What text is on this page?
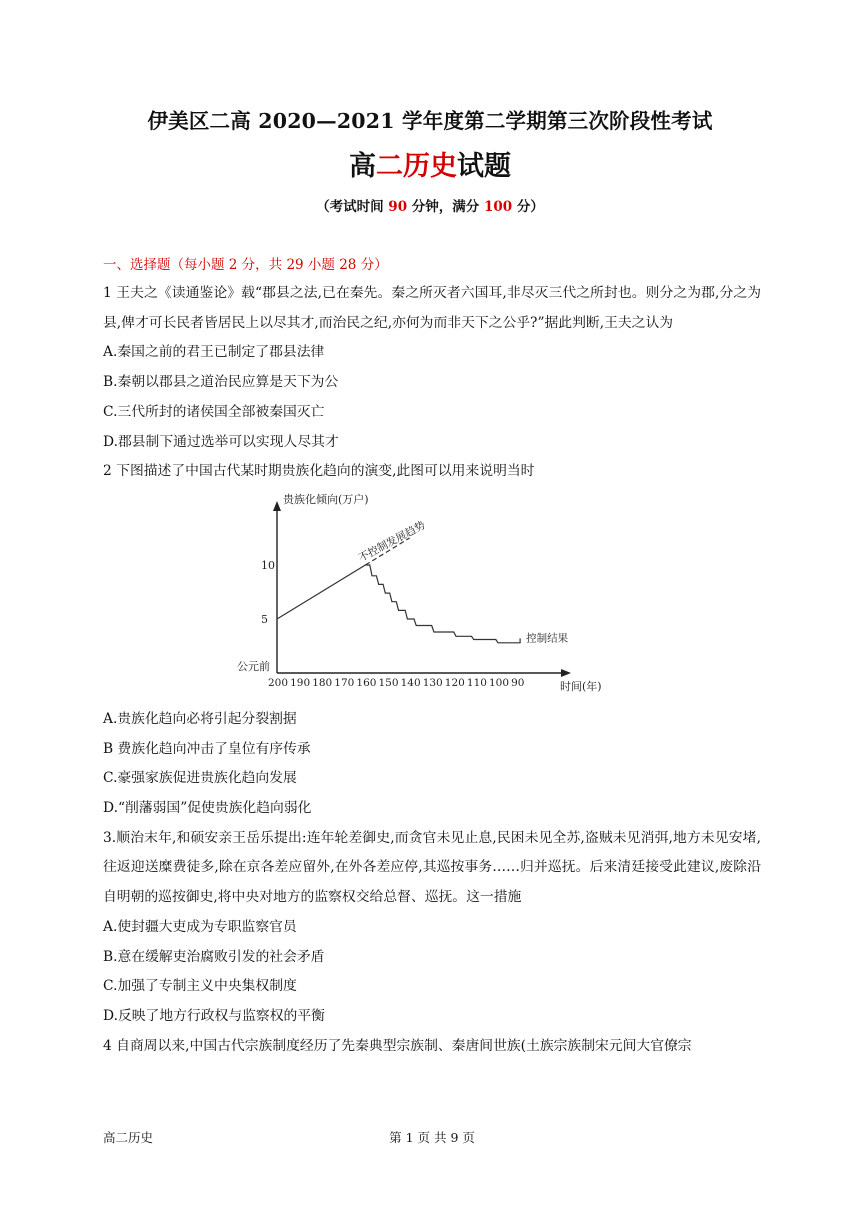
伊美区二高 2020—2021 学年度第二学期第三次阶段性考试
高二历史试题
（考试时间 90 分钟，满分 100 分）
一、选择题（每小题 2 分，共 29 小题 28 分）

1 王夫之《读通鉴论》载“郡县之法,已在秦先。秦之所灭者六国耳,非尽灭三代之所封也。则分之为郡,分之为县,俾才可长民者皆居民上以尽其才,而治民之纪,亦何为而非天下之公乎?”据此判断,王夫之认为

A.秦国之前的君王已制定了郡县法律

B.秦朝以郡县之道治民应算是天下为公

C.三代所封的诸侯国全部被秦国灭亡

D.郡县制下通过选举可以实现人尽其才

2 下图描述了中国古代某时期贵族化趋向的演变,此图可以用来说明当时

贵族化倾向(万户)
公元前
时间(年)
5
10
200 190 180 170 160 150 140 130 120 110 100 90
不控制发展趋势
控制结果

A.贵族化趋向必将引起分裂割据

B 费族化趋向冲击了皇位有序传承

C.豪强家族促进贵族化趋向发展

D.“削藩弱国”促使贵族化趋向弱化

3.顺治末年,和硕安亲王岳乐提出:连年轮差御史,而贪官未见止息,民困未见全苏,盗贼未见消弭,地方未见安堵,往返迎送糜费徒多,除在京各差应留外,在外各差应停,其巡按事务……归并巡抚。后来清廷接受此建议,废除沿自明朝的巡按御史,将中央对地方的监察权交给总督、巡抚。这一措施

A.使封疆大吏成为专职监察官员

B.意在缓解吏治腐败引发的社会矛盾

C.加强了专制主义中央集权制度

D.反映了地方行政权与监察权的平衡

4 自商周以来,中国古代宗族制度经历了先秦典型宗族制、秦唐间世族(土族宗族制宋元间大官僚宗

高二历史	第 1 页 共 9 页
